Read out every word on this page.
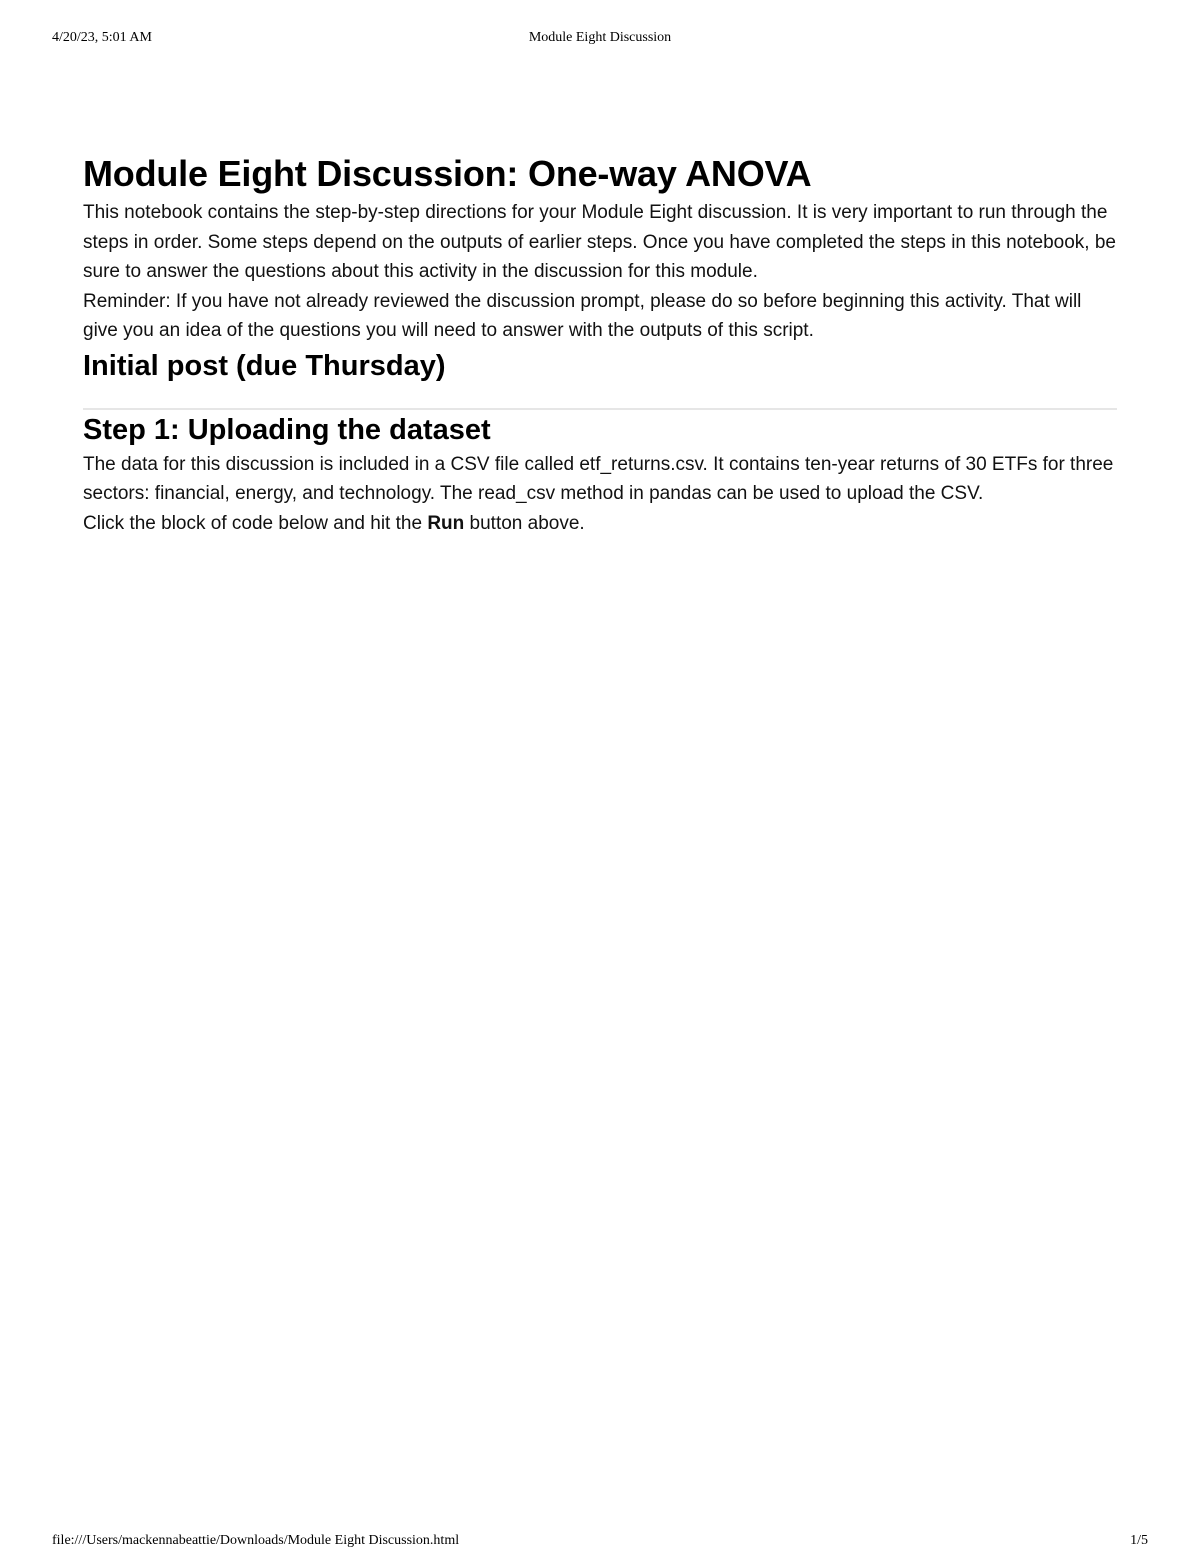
4/20/23, 5:01 AM	Module Eight Discussion
Module Eight Discussion: One-way ANOVA

This notebook contains the step-by-step directions for your Module Eight discussion. It is very important to run through the steps in order. Some steps depend on the outputs of earlier steps. Once you have completed the steps in this notebook, be sure to answer the questions about this activity in the discussion for this module.

Reminder: If you have not already reviewed the discussion prompt, please do so before beginning this activity. That will give you an idea of the questions you will need to answer with the outputs of this script.

Initial post (due Thursday)
Step 1: Uploading the dataset

The data for this discussion is included in a CSV file called etf_returns.csv. It contains ten-year returns of 30 ETFs for three sectors: financial, energy, and technology. The read_csv method in pandas can be used to upload the CSV.

Click the block of code below and hit the Run button above.

file:///Users/mackennabeattie/Downloads/Module Eight Discussion.html	1/5
